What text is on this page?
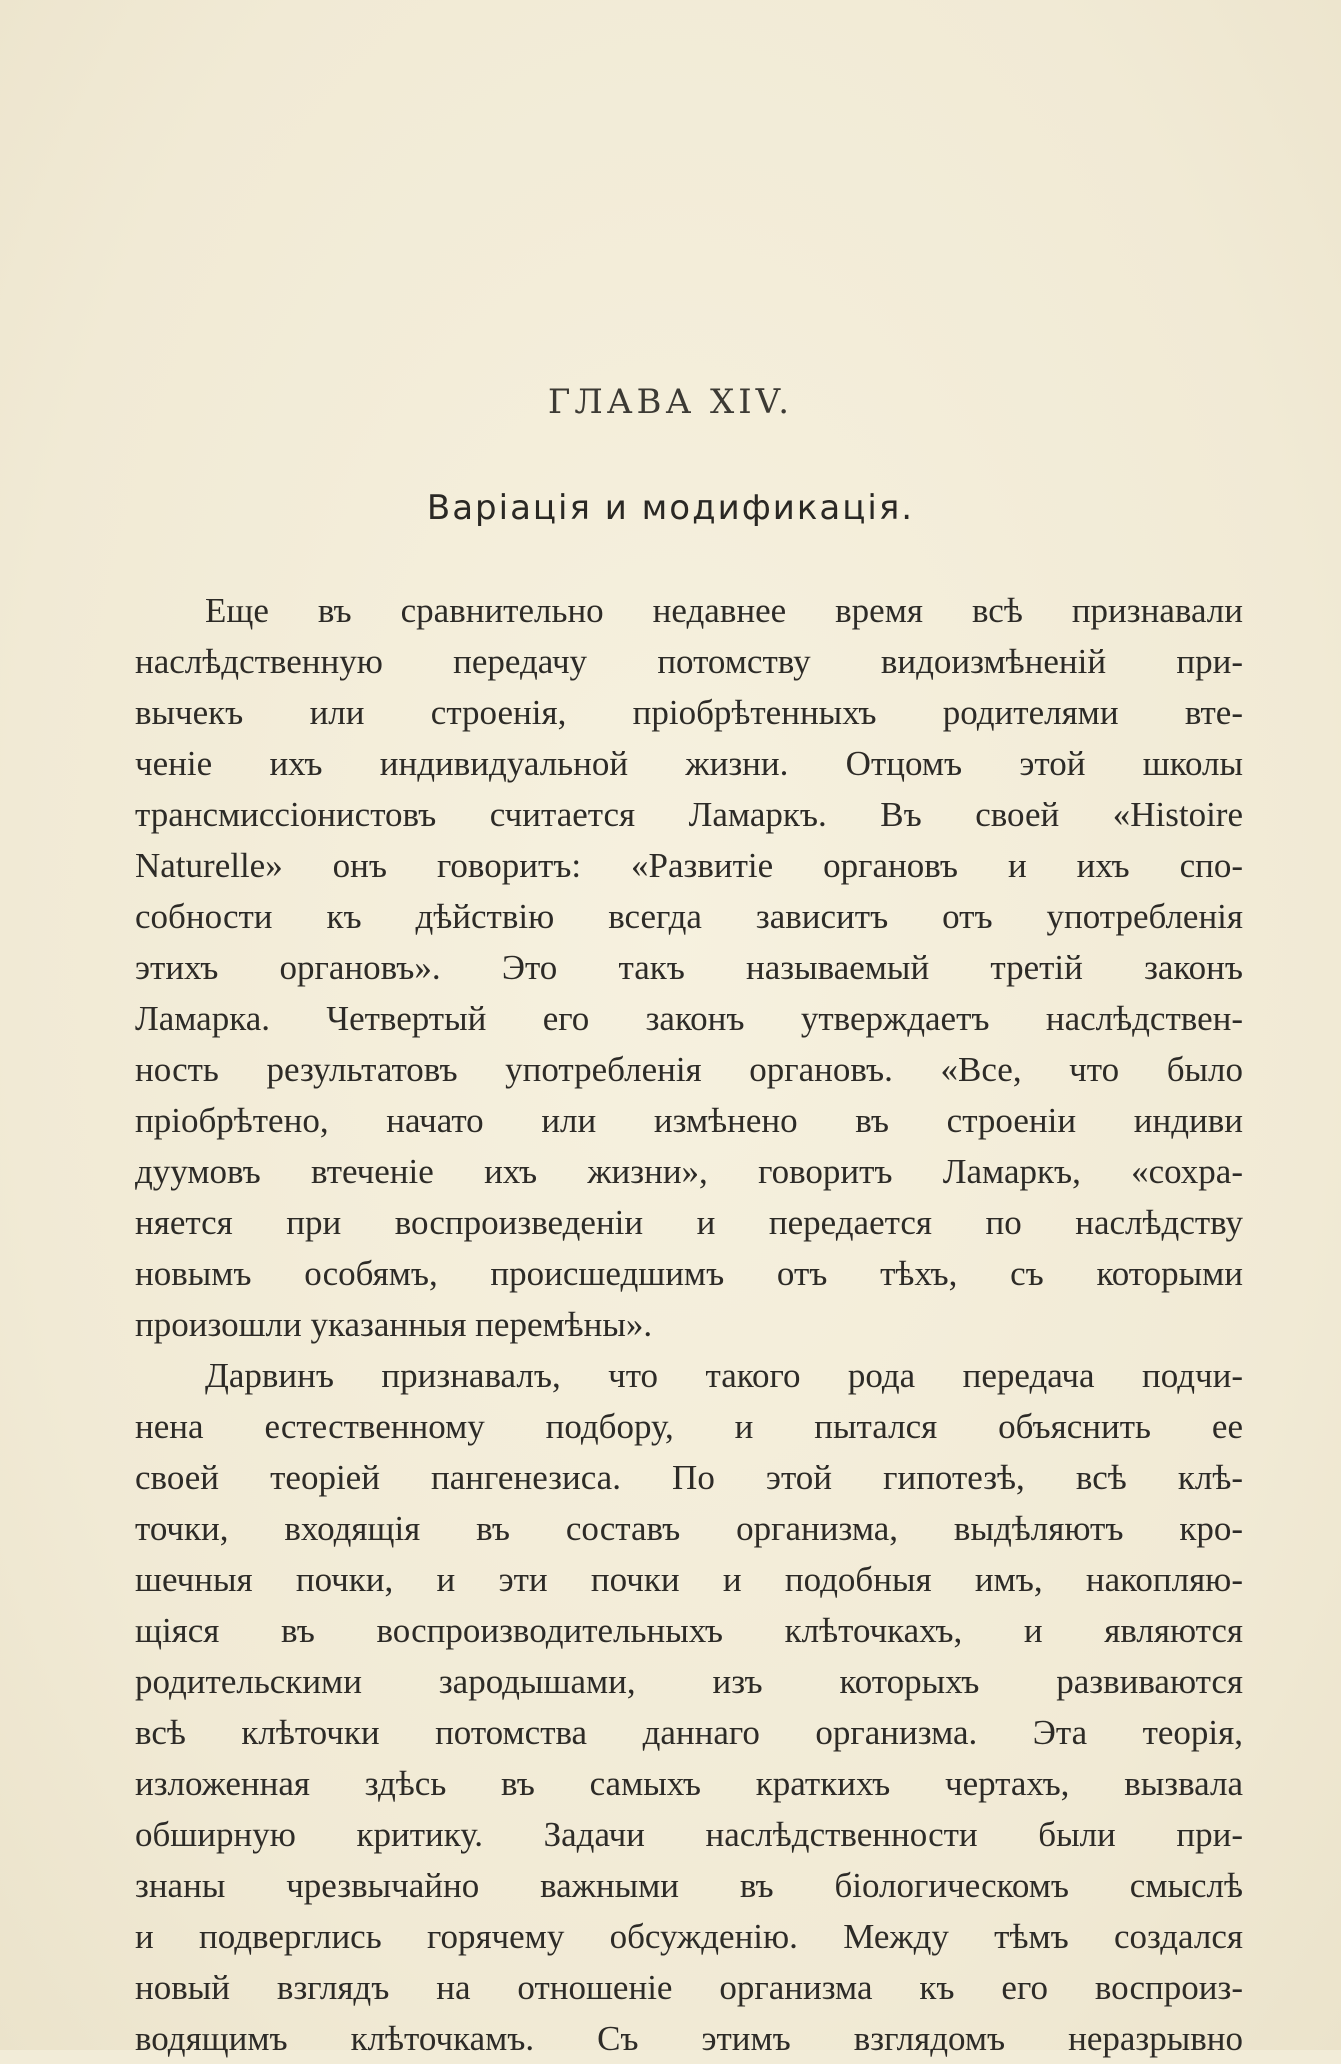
ГЛАВА XIV.
Варіація и модификація.
Еще въ сравнительно недавнее время всѣ признавали
наслѣдственную передачу потомству видоизмѣненій при-
вычекъ или строенія, пріобрѣтенныхъ родителями вте-
ченіе ихъ индивидуальной жизни. Отцомъ этой школы
трансмиссіонистовъ считается Ламаркъ. Въ своей «Histoire
Naturelle» онъ говоритъ: «Развитіе органовъ и ихъ спо-
собности къ дѣйствію всегда зависитъ отъ употребленія
этихъ органовъ». Это такъ называемый третій законъ
Ламарка. Четвертый его законъ утверждаетъ наслѣдствен-
ность результатовъ употребленія органовъ. «Все, что было
пріобрѣтено, начато или измѣнено въ строеніи индиви
дуумовъ втеченіе ихъ жизни», говоритъ Ламаркъ, «сохра-
няется при воспроизведеніи и передается по наслѣдству
новымъ особямъ, происшедшимъ отъ тѣхъ, съ которыми
произошли указанныя перемѣны».
Дарвинъ признавалъ, что такого рода передача подчи-
нена естественному подбору, и пытался объяснить ее
своей теоріей пангенезиса. По этой гипотезѣ, всѣ клѣ-
точки, входящія въ составъ организма, выдѣляютъ кро-
шечныя почки, и эти почки и подобныя имъ, накопляю-
щіяся въ воспроизводительныхъ клѣточкахъ, и являются
родительскими зародышами, изъ которыхъ развиваются
всѣ клѣточки потомства даннаго организма. Эта теорія,
изложенная здѣсь въ самыхъ краткихъ чертахъ, вызвала
обширную критику. Задачи наслѣдственности были при-
знаны чрезвычайно важными въ біологическомъ смыслѣ
и подверглись горячему обсужденію. Между тѣмъ создался
новый взглядъ на отношеніе организма къ его воспроиз-
водящимъ клѣточкамъ. Съ этимъ взглядомъ неразрывно
